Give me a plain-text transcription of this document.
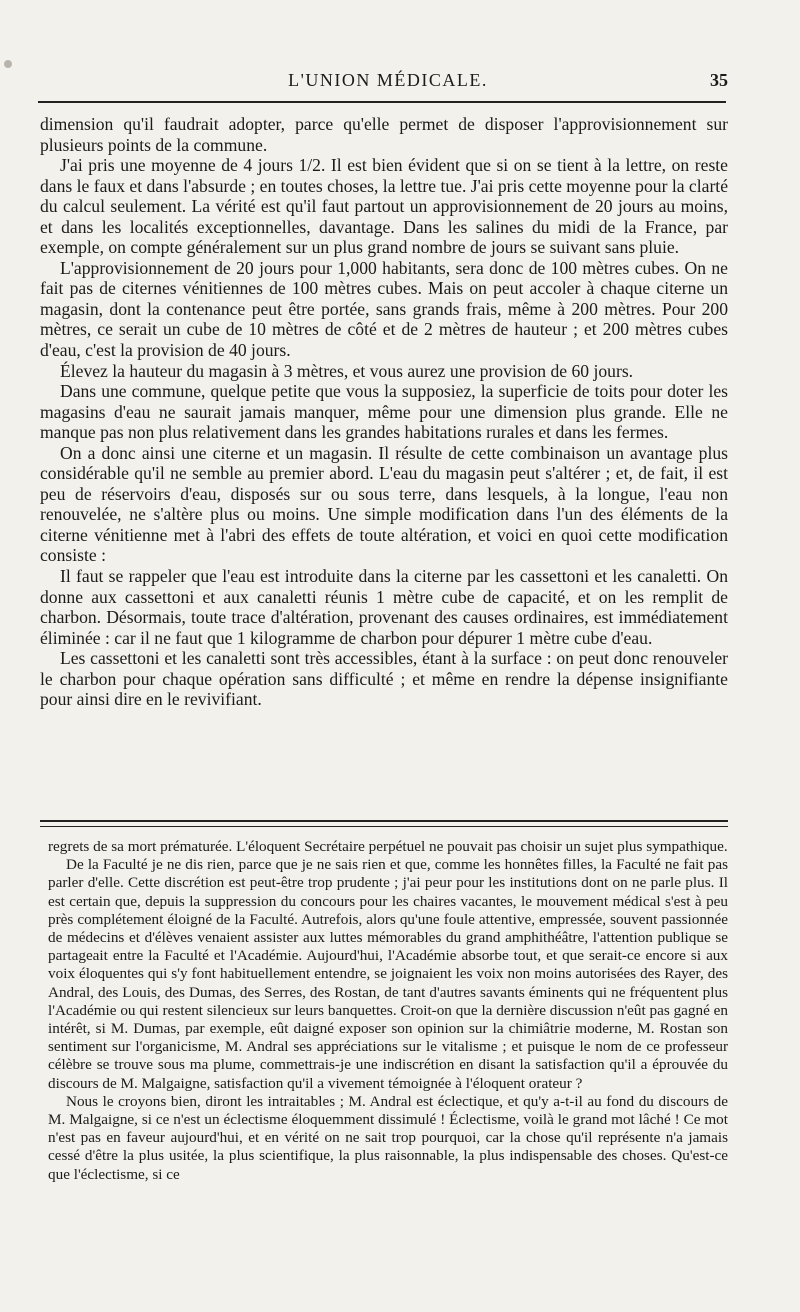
L'UNION MÉDICALE.	35

dimension qu'il faudrait adopter, parce qu'elle permet de disposer l'approvisionnement sur plusieurs points de la commune.

J'ai pris une moyenne de 4 jours 1/2. Il est bien évident que si on se tient à la lettre, on reste dans le faux et dans l'absurde ; en toutes choses, la lettre tue. J'ai pris cette moyenne pour la clarté du calcul seulement. La vérité est qu'il faut partout un approvisionnement de 20 jours au moins, et dans les localités exceptionnelles, davantage. Dans les salines du midi de la France, par exemple, on compte généralement sur un plus grand nombre de jours se suivant sans pluie.

L'approvisionnement de 20 jours pour 1,000 habitants, sera donc de 100 mètres cubes. On ne fait pas de citernes vénitiennes de 100 mètres cubes. Mais on peut accoler à chaque citerne un magasin, dont la contenance peut être portée, sans grands frais, même à 200 mètres. Pour 200 mètres, ce serait un cube de 10 mètres de côté et de 2 mètres de hauteur ; et 200 mètres cubes d'eau, c'est la provision de 40 jours.

Élevez la hauteur du magasin à 3 mètres, et vous aurez une provision de 60 jours.

Dans une commune, quelque petite que vous la supposiez, la superficie de toits pour doter les magasins d'eau ne saurait jamais manquer, même pour une dimension plus grande. Elle ne manque pas non plus relativement dans les grandes habitations rurales et dans les fermes.

On a donc ainsi une citerne et un magasin. Il résulte de cette combinaison un avantage plus considérable qu'il ne semble au premier abord. L'eau du magasin peut s'altérer ; et, de fait, il est peu de réservoirs d'eau, disposés sur ou sous terre, dans lesquels, à la longue, l'eau non renouvelée, ne s'altère plus ou moins. Une simple modification dans l'un des éléments de la citerne vénitienne met à l'abri des effets de toute altération, et voici en quoi cette modification consiste :

Il faut se rappeler que l'eau est introduite dans la citerne par les cassettoni et les canaletti. On donne aux cassettoni et aux canaletti réunis 1 mètre cube de capacité, et on les remplit de charbon. Désormais, toute trace d'altération, provenant des causes ordinaires, est immédiatement éliminée : car il ne faut que 1 kilogramme de charbon pour dépurer 1 mètre cube d'eau.

Les cassettoni et les canaletti sont très accessibles, étant à la surface : on peut donc renouveler le charbon pour chaque opération sans difficulté ; et même en rendre la dépense insignifiante pour ainsi dire en le revivifiant.

regrets de sa mort prématurée. L'éloquent Secrétaire perpétuel ne pouvait pas choisir un sujet plus sympathique.

De la Faculté je ne dis rien, parce que je ne sais rien et que, comme les honnêtes filles, la Faculté ne fait pas parler d'elle. Cette discrétion est peut-être trop prudente ; j'ai peur pour les institutions dont on ne parle plus. Il est certain que, depuis la suppression du concours pour les chaires vacantes, le mouvement médical s'est à peu près complétement éloigné de la Faculté. Autrefois, alors qu'une foule attentive, empressée, souvent passionnée de médecins et d'élèves venaient assister aux luttes mémorables du grand amphithéâtre, l'attention publique se partageait entre la Faculté et l'Académie. Aujourd'hui, l'Académie absorbe tout, et que serait-ce encore si aux voix éloquentes qui s'y font habituellement entendre, se joignaient les voix non moins autorisées des Rayer, des Andral, des Louis, des Dumas, des Serres, des Rostan, de tant d'autres savants éminents qui ne fréquentent plus l'Académie ou qui restent silencieux sur leurs banquettes. Croit-on que la dernière discussion n'eût pas gagné en intérêt, si M. Dumas, par exemple, eût daigné exposer son opinion sur la chimiâtrie moderne, M. Rostan son sentiment sur l'organicisme, M. Andral ses appréciations sur le vitalisme ; et puisque le nom de ce professeur célèbre se trouve sous ma plume, commettrais-je une indiscrétion en disant la satisfaction qu'il a éprouvée du discours de M. Malgaigne, satisfaction qu'il a vivement témoignée à l'éloquent orateur ?

Nous le croyons bien, diront les intraitables ; M. Andral est éclectique, et qu'y a-t-il au fond du discours de M. Malgaigne, si ce n'est un éclectisme éloquemment dissimulé ! Éclectisme, voilà le grand mot lâché ! Ce mot n'est pas en faveur aujourd'hui, et en vérité on ne sait trop pourquoi, car la chose qu'il représente n'a jamais cessé d'être la plus usitée, la plus scientifique, la plus raisonnable, la plus indispensable des choses. Qu'est-ce que l'éclectisme, si ce
